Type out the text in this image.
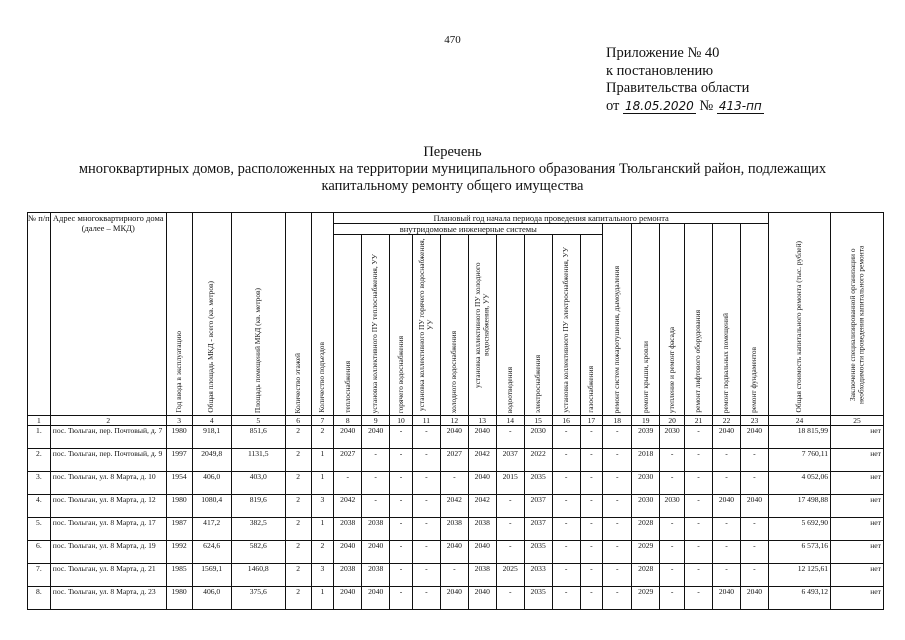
470
Приложение № 40
к постановлению
Правительства области
от 18.05.2020 № 413-пп
Перечень
многоквартирных домов, расположенных на территории муниципального образования Тюльганский район, подлежащих
капитальному ремонту общего имущества
№ п/п	Адрес многоквартирного дома (далее – МКД)	Год ввода в эксплуатацию	Общая площадь МКД - всего (кв. метров)	Площадь помещений МКД (кв. метров)	Количество этажей	Количество подъездов	Плановый год начала периода проведения капитального ремонта																Общая стоимость капитального ремонта (тыс. рублей)	Заключение специализированной организации о необходимости проведения капитального ремонта
							внутридомовые инженерные системы										ремонт систем пожаротушения, дымоудаления	ремонт крыши, кровли	утепление и ремонт фасада	ремонт лифтового оборудования	ремонт подвальных помещений	ремонт фундаментов		
							теплоснабжения	установка коллективного ПУ теплоснабжения, УУ	горячего водоснабжения	установка коллективного ПУ горячего водоснабжения, УУ	холодного водоснабжения	установка коллективного ПУ холодного водоснабжения, УУ	водоотведения	электроснабжения	установка коллективного ПУ электроснабжения, УУ	газоснабжения								
1	2	3	4	5	6	7	8	9	10	11	12	13	14	15	16	17	18	19	20	21	22	23	24	25
1.	пос. Тюльган, пер. Почтовый, д. 7	1980	918,1	851,6	2	2	2040	2040	-	-	2040	2040	-	2030	-	-	-	2039	2030	-	2040	2040	18 815,99	нет
2.	пос. Тюльган, пер. Почтовый, д. 9	1997	2049,8	1131,5	2	1	2027	-	-	-	2027	2042	2037	2022	-	-	-	2018	-	-	-	-	7 760,11	нет
3.	пос. Тюльган, ул. 8 Марта, д. 10	1954	406,0	403,0	2	1	-	-	-	-	-	2040	2015	2035	-	-	-	2030	-	-	-	-	4 052,06	нет
4.	пос. Тюльган, ул. 8 Марта, д. 12	1980	1080,4	819,6	2	3	2042	-	-	-	2042	2042	-	2037	-	-	-	2030	2030	-	2040	2040	17 498,88	нет
5.	пос. Тюльган, ул. 8 Марта, д. 17	1987	417,2	382,5	2	1	2038	2038	-	-	2038	2038	-	2037	-	-	-	2028	-	-	-	-	5 692,90	нет
6.	пос. Тюльган, ул. 8 Марта, д. 19	1992	624,6	582,6	2	2	2040	2040	-	-	2040	2040	-	2035	-	-	-	2029	-	-	-	-	6 573,16	нет
7.	пос. Тюльган, ул. 8 Марта, д. 21	1985	1569,1	1460,8	2	3	2038	2038	-	-	-	2038	2025	2033	-	-	-	2028	-	-	-	-	12 125,61	нет
8.	пос. Тюльган, ул. 8 Марта, д. 23	1980	406,0	375,6	2	1	2040	2040	-	-	2040	2040	-	2035	-	-	-	2029	-	-	2040	2040	6 493,12	нет
